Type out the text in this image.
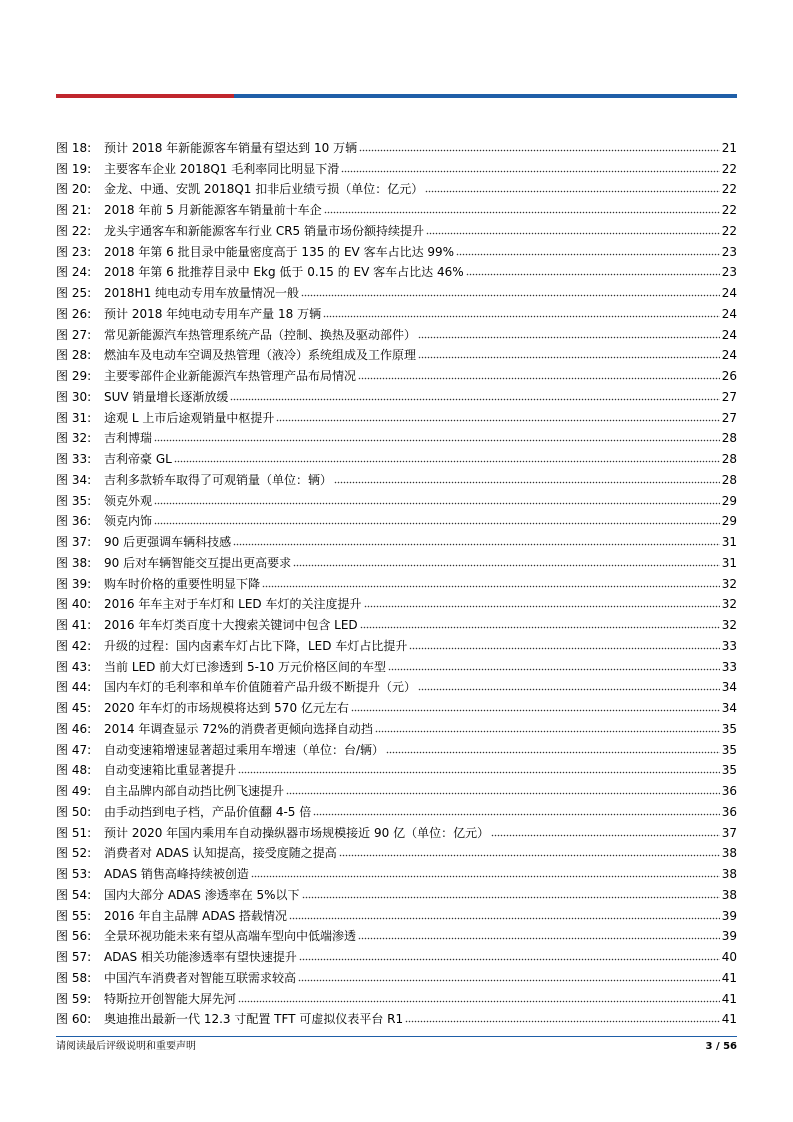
图 18:	预计 2018 年新能源客车销量有望达到 10 万辆	21
图 19:	主要客车企业 2018Q1 毛利率同比明显下滑	22
图 20:	金龙、中通、安凯 2018Q1 扣非后业绩亏损（单位：亿元）	22
图 21:	2018 年前 5 月新能源客车销量前十车企	22
图 22:	龙头宇通客车和新能源客车行业 CR5 销量市场份额持续提升	22
图 23:	2018 年第 6 批目录中能量密度高于 135 的 EV 客车占比达 99%	23
图 24:	2018 年第 6 批推荐目录中 Ekg 低于 0.15 的 EV 客车占比达 46%	23
图 25:	2018H1 纯电动专用车放量情况一般	24
图 26:	预计 2018 年纯电动专用车产量 18 万辆	24
图 27:	常见新能源汽车热管理系统产品（控制、换热及驱动部件）	24
图 28:	燃油车及电动车空调及热管理（液冷）系统组成及工作原理	24
图 29:	主要零部件企业新能源汽车热管理产品布局情况	26
图 30:	SUV 销量增长逐渐放缓	27
图 31:	途观 L 上市后途观销量中枢提升	27
图 32:	吉利博瑞	28
图 33:	吉利帝豪 GL	28
图 34:	吉利多款轿车取得了可观销量（单位：辆）	28
图 35:	领克外观	29
图 36:	领克内饰	29
图 37:	90 后更强调车辆科技感	31
图 38:	90 后对车辆智能交互提出更高要求	31
图 39:	购车时价格的重要性明显下降	32
图 40:	2016 年车主对于车灯和 LED 车灯的关注度提升	32
图 41:	2016 年车灯类百度十大搜索关键词中包含 LED	32
图 42:	升级的过程：国内卤素车灯占比下降，LED 车灯占比提升	33
图 43:	当前 LED 前大灯已渗透到 5-10 万元价格区间的车型	33
图 44:	国内车灯的毛利率和单车价值随着产品升级不断提升（元）	34
图 45:	2020 年车灯的市场规模将达到 570 亿元左右	34
图 46:	2014 年调查显示 72%的消费者更倾向选择自动挡	35
图 47:	自动变速箱增速显著超过乘用车增速（单位：台/辆）	35
图 48:	自动变速箱比重显著提升	35
图 49:	自主品牌内部自动挡比例飞速提升	36
图 50:	由手动挡到电子档，产品价值翻 4-5 倍	36
图 51:	预计 2020 年国内乘用车自动操纵器市场规模接近 90 亿（单位：亿元）	37
图 52:	消费者对 ADAS 认知提高，接受度随之提高	38
图 53:	ADAS 销售高峰持续被创造	38
图 54:	国内大部分 ADAS 渗透率在 5%以下	38
图 55:	2016 年自主品牌 ADAS 搭载情况	39
图 56:	全景环视功能未来有望从高端车型向中低端渗透	39
图 57:	ADAS 相关功能渗透率有望快速提升	40
图 58:	中国汽车消费者对智能互联需求较高	41
图 59:	特斯拉开创智能大屏先河	41
图 60:	奥迪推出最新一代 12.3 寸配置 TFT 可虚拟仪表平台 R1	41
请阅读最后评级说明和重要声明	3 / 56
